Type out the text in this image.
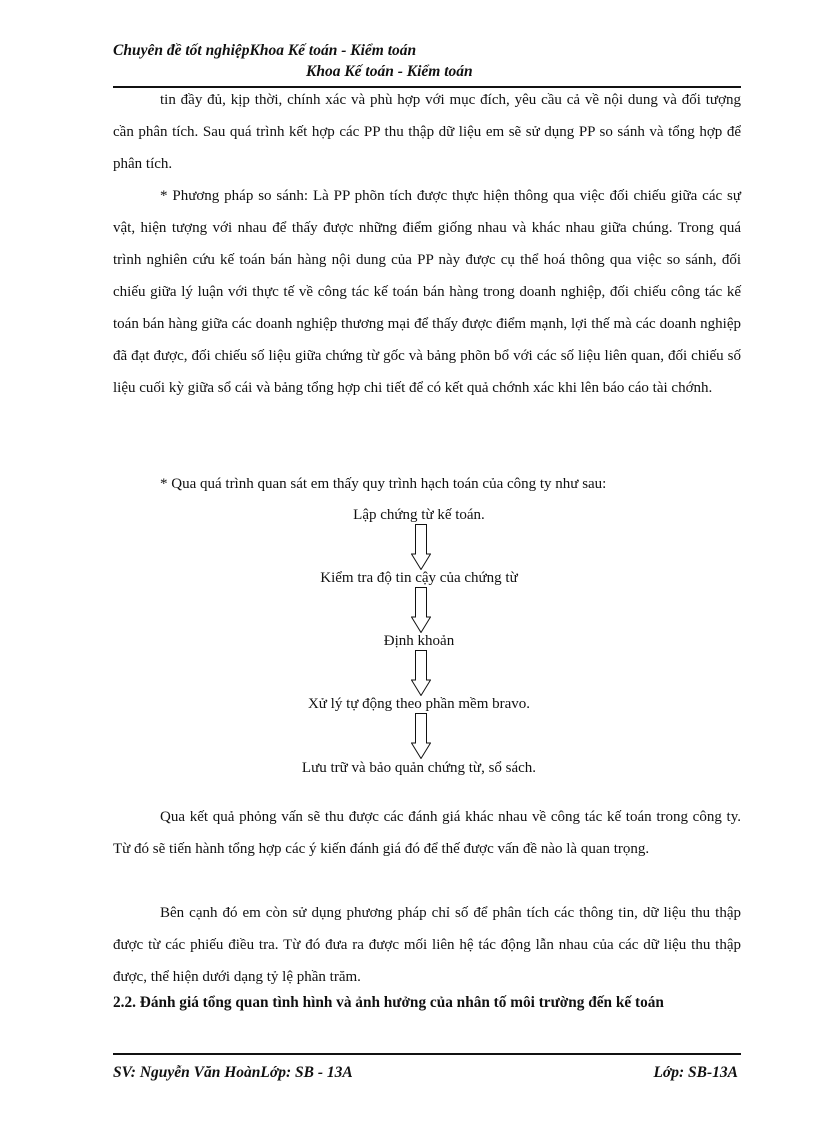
Chuyên đề tốt nghiệpKhoa Kế toán - Kiểm toán
Khoa Kế toán - Kiểm toán

tin đầy đủ, kịp thời, chính xác và phù hợp với mục đích, yêu cầu cả về nội dung và đối tượng cần phân tích. Sau quá trình kết hợp các PP thu thập dữ liệu em sẽ sử dụng PP so sánh và tổng hợp để phân tích.

* Phương pháp so sánh: Là PP phõn tích được thực hiện thông qua việc đối chiếu giữa các sự vật, hiện tượng với nhau để thấy được những điểm giống nhau và khác nhau giữa chúng. Trong quá trình nghiên cứu kế toán bán hàng nội dung của PP này được cụ thể hoá thông qua việc so sánh, đối chiếu giữa lý luận với thực tế về công tác kế toán bán hàng trong doanh nghiệp, đối chiếu công tác kế toán bán hàng giữa các doanh nghiệp thương mại để thấy được điểm mạnh, lợi thế mà các doanh nghiệp đã đạt được, đối chiếu số liệu giữa chứng từ gốc và bảng phõn bổ với các số liệu liên quan, đối chiếu số liệu cuối kỳ giữa sổ cái và bảng tổng hợp chi tiết để có kết quả chớnh xác khi lên báo cáo tài chớnh.

* Qua quá trình quan sát em thấy quy trình hạch toán của công ty như sau:

Lập chứng từ kế toán.
Kiểm tra độ tin cậy của chứng từ
Định khoản
Xử lý tự động theo phần mềm bravo.
Lưu trữ và bảo quản chứng từ, sổ sách.

Qua kết quả phỏng vấn sẽ thu được các đánh giá khác nhau về công tác kế toán trong công ty. Từ đó sẽ tiến hành tổng hợp các ý kiến đánh giá đó để thế được vấn đề nào là quan trọng.

Bên cạnh đó em còn sử dụng phương pháp chỉ số để phân tích các thông tin, dữ liệu thu thập được từ các phiếu điều tra. Từ đó đưa ra được mối liên hệ tác động lẫn nhau của các dữ liệu thu thập được, thể hiện dưới dạng tỷ lệ phần trăm.

2.2. Đánh giá tổng quan tình hình và ảnh hưởng của nhân tố môi trường đến kế toán
SV: Nguyễn Văn HoànLớp: SB - 13A	Lớp: SB-13A
